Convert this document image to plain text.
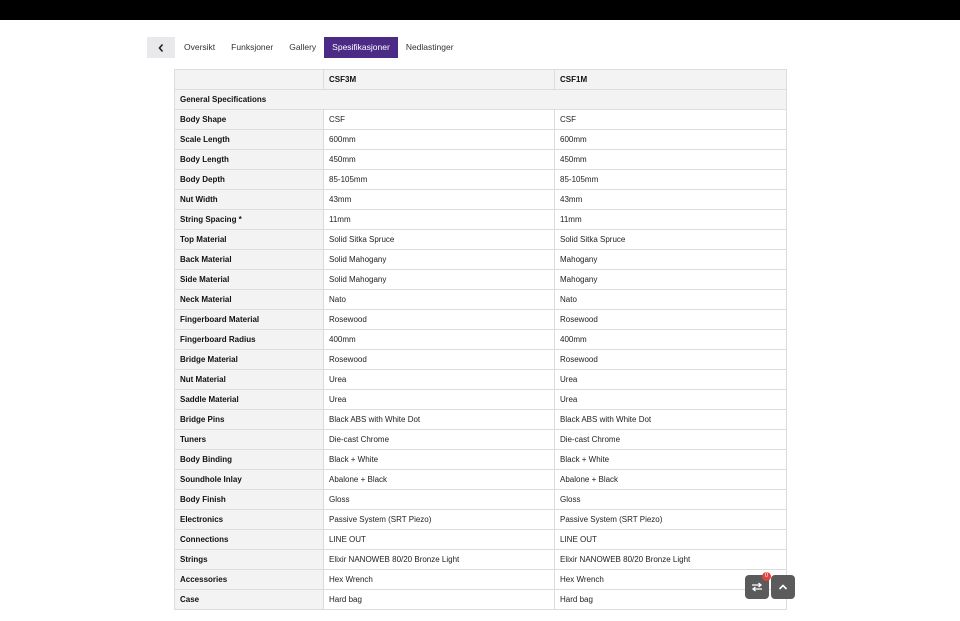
Oversikt	Funksjoner	Gallery	Spesifikasjoner	Nedlastinger
	CSF3M	CSF1M
General Specifications		
Body Shape	CSF	CSF
Scale Length	600mm	600mm
Body Length	450mm	450mm
Body Depth	85-105mm	85-105mm
Nut Width	43mm	43mm
String Spacing *	11mm	11mm
Top Material	Solid Sitka Spruce	Solid Sitka Spruce
Back Material	Solid Mahogany	Mahogany
Side Material	Solid Mahogany	Mahogany
Neck Material	Nato	Nato
Fingerboard Material	Rosewood	Rosewood
Fingerboard Radius	400mm	400mm
Bridge Material	Rosewood	Rosewood
Nut Material	Urea	Urea
Saddle Material	Urea	Urea
Bridge Pins	Black ABS with White Dot	Black ABS with White Dot
Tuners	Die-cast Chrome	Die-cast Chrome
Body Binding	Black + White	Black + White
Soundhole Inlay	Abalone + Black	Abalone + Black
Body Finish	Gloss	Gloss
Electronics	Passive System (SRT Piezo)	Passive System (SRT Piezo)
Connections	LINE OUT	LINE OUT
Strings	Elixir NANOWEB 80/20 Bronze Light	Elixir NANOWEB 80/20 Bronze Light
Accessories	Hex Wrench	Hex Wrench
Case	Hard bag	Hard bag
0
